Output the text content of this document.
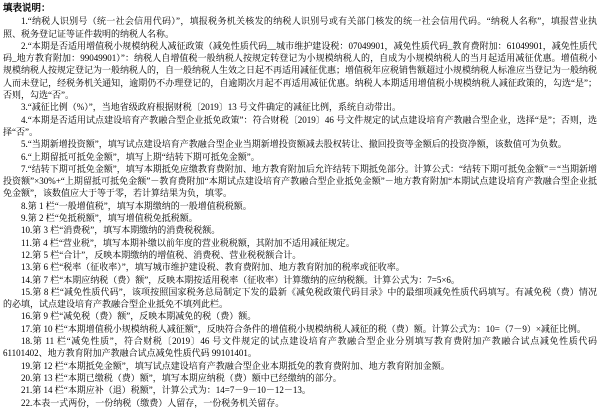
填表说明：

1.“纳税人识别号（统一社会信用代码）”，填报税务机关核发的纳税人识别号或有关部门核发的统一社会信用代码。“纳税人名称”，填报营业执照、税务登记证等证件载明的纳税人名称。

2.“本期是否适用增值税小规模纳税人减征政策（减免性质代码__城市维护建设税：07049901，减免性质代码_教育费附加：61049901，减免性质代码_地方教育附加：99049901）”：纳税人自增值税一般纳税人按规定转登记为小规模纳税人的，自成为小规模纳税人的当月起适用减征优惠。增值税小规模纳税人按规定登记为一般纳税人的，自一般纳税人生效之日起不再适用减征优惠；增值税年应税销售额超过小规模纳税人标准应当登记为一般纳税人而未登记，经税务机关通知，逾期仍不办理登记的，自逾期次月起不再适用减征优惠。纳税人本期适用增值税小规模纳税人减征政策的，勾选“是”；否则，勾选“否”。

3.“减征比例（%）”，当地省级政府根据财税〔2019〕13 号文件确定的减征比例，系统自动带出。

4.“本期是否适用试点建设培育产教融合型企业抵免政策”：符合财税〔2019〕46 号文件规定的试点建设培育产教融合型企业，选择“是”；否则，选择“否”。

5.“当期新增投资额”，填写试点建设培育产教融合型企业当期新增投资额减去股权转让、撤回投资等金额后的投资净额，该数值可为负数。

6.“上期留抵可抵免金额”，填写上期“结转下期可抵免金额”。

7.“结转下期可抵免金额”，填写本期抵免应缴教育费附加、地方教育附加后允许结转下期抵免部分。计算公式：“结转下期可抵免金额”＝“当期新增投资额”×30%+“上期留抵可抵免金额”－教育费附加“本期试点建设培育产教融合型企业抵免金额”－地方教育附加“本期试点建设培育产教融合型企业抵免金额”，该数值应大于等于零，若计算结果为负，填零。

8.第 1 栏“一般增值税”，填写本期缴纳的一般增值税税额。

9.第 2 栏“免抵税额”，填写增值税免抵税额。

10.第 3 栏“消费税”，填写本期缴纳的消费税税额。

11.第 4 栏“营业税”，填写本期补缴以前年度的营业税税额，其附加不适用减征规定。

12.第 5 栏“合计”，反映本期缴纳的增值税、消费税、营业税税额合计。

13.第 6 栏“税率（征收率）”，填写城市维护建设税、教育费附加、地方教育附加的税率或征收率。

14.第 7 栏“本期应纳税（费）额”，反映本期按适用税率（征收率）计算缴纳的应纳税额。计算公式为：7=5×6。

15.第 8 栏“减免性质代码”，该项按照国家税务总局制定下发的最新《减免税政策代码目录》中的最细项减免性质代码填写。有减免税（费）情况的必填，试点建设培育产教融合型企业抵免不填列此栏。

16.第 9 栏“减免税（费）额”，反映本期减免的税（费）额。

17.第 10 栏“本期增值税小规模纳税人减征额”，反映符合条件的增值税小规模纳税人减征的税（费）额。计算公式为：10=（7－9）×减征比例。

18.第 11 栏“减免性质”，符合财税〔2019〕46 号文件规定的试点建设培育产教融合型企业分别填写教育费附加产教融合试点减免性质代码 61101402、地方教育附加产教融合试点减免性质代码 99101401。

19.第 12 栏“本期抵免金额”，填写试点建设培育产教融合型企业本期抵免的教育费附加、地方教育附加金额。

20.第 13 栏“本期已缴税（费）额”，填写本期应纳税（费）额中已经缴纳的部分。

21.第 14 栏“本期应补（退）税额”，计算公式为：14=7－9－10－12－13。

22.本表一式两份，一份纳税（缴费）人留存，一份税务机关留存。
